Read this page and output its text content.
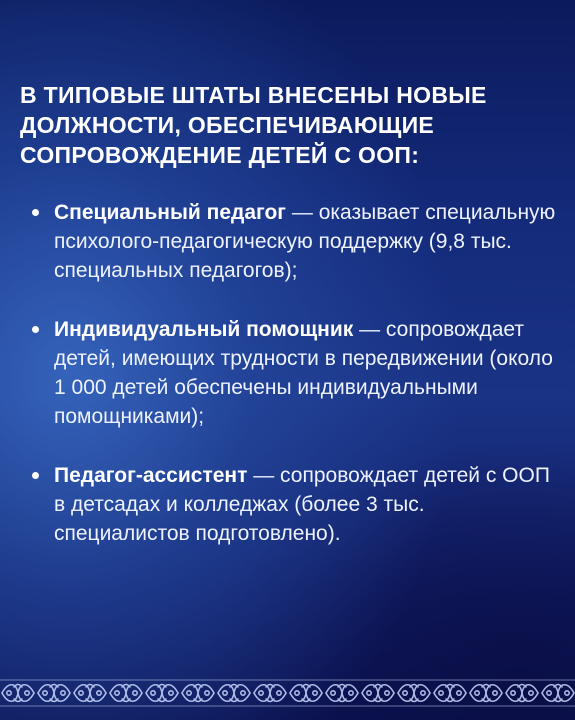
В ТИПОВЫЕ ШТАТЫ ВНЕСЕНЫ НОВЫЕ ДОЛЖНОСТИ, ОБЕСПЕЧИВАЮЩИЕ СОПРОВОЖДЕНИЕ ДЕТЕЙ С ООП:
Специальный педагог — оказывает специальную психолого-педагогическую поддержку (9,8 тыс. специальных педагогов);
Индивидуальный помощник — сопровождает детей, имеющих трудности в передвижении (около 1 000 детей обеспечены индивидуальными помощниками);
Педагог-ассистент — сопровождает детей с ООП в детсадах и колледжах (более 3 тыс. специалистов подготовлено).
